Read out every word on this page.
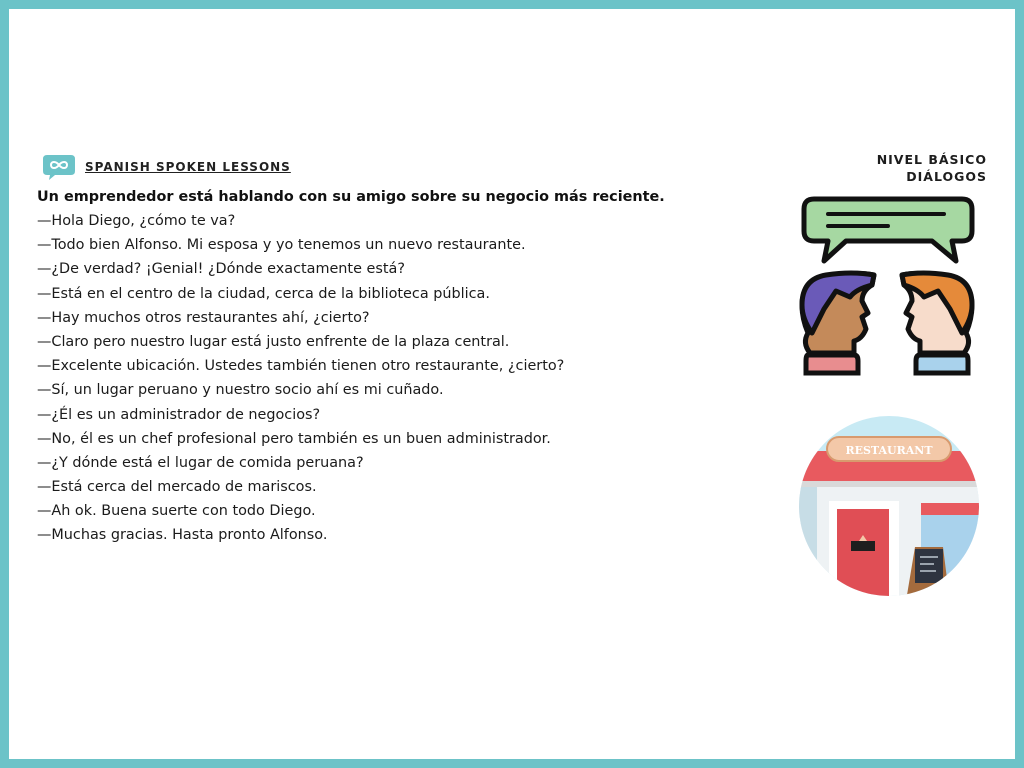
SPANISH SPOKEN LESSONS	NIVEL BÁSICO
DIÁLOGOS
Un emprendedor está hablando con su amigo sobre su negocio más reciente.
—Hola Diego, ¿cómo te va?
—Todo bien Alfonso. Mi esposa y yo tenemos un nuevo restaurante.
—¿De verdad? ¡Genial! ¿Dónde exactamente está?
—Está en el centro de la ciudad, cerca de la biblioteca pública.
—Hay muchos otros restaurantes ahí, ¿cierto?
—Claro pero nuestro lugar está justo enfrente de la plaza central.
—Excelente ubicación. Ustedes también tienen otro restaurante, ¿cierto?
—Sí, un lugar peruano y nuestro socio ahí es mi cuñado.
—¿Él es un administrador de negocios?
—No, él es un chef profesional pero también es un buen administrador.
—¿Y dónde está el lugar de comida peruana?
—Está cerca del mercado de mariscos.
—Ah ok. Buena suerte con todo Diego.
—Muchas gracias. Hasta pronto Alfonso.
RESTAURANT
